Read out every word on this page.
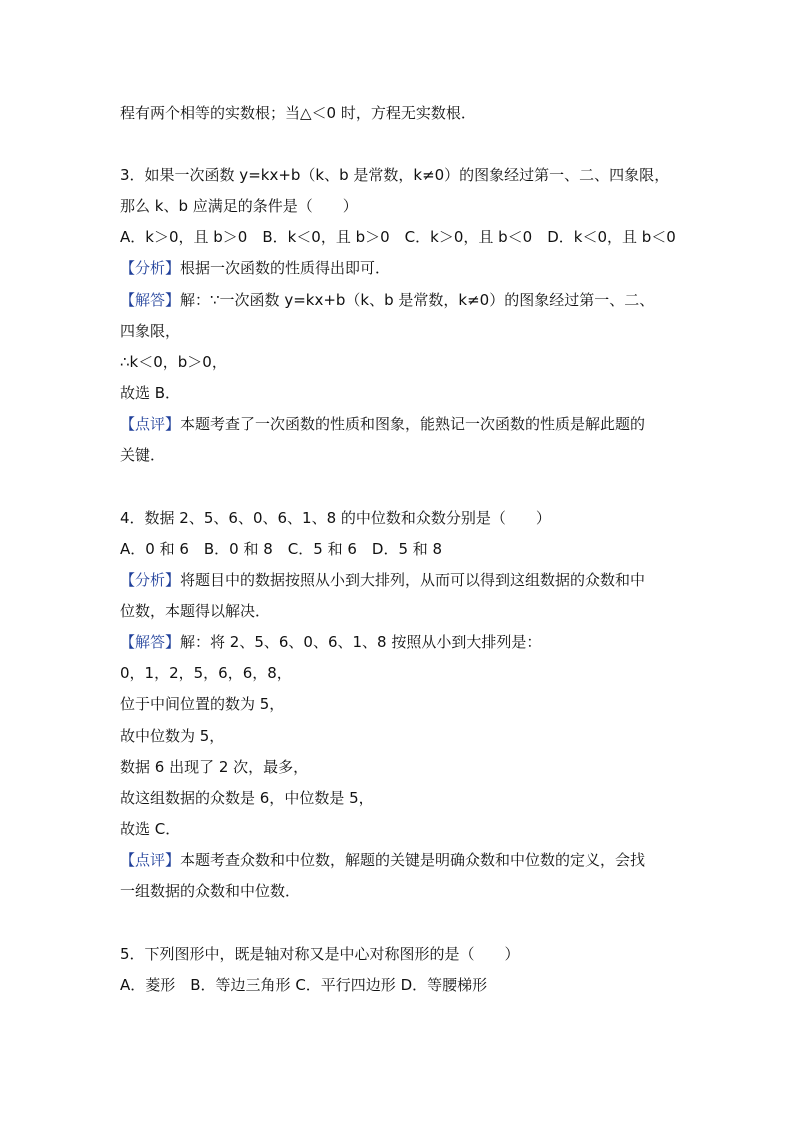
程有两个相等的实数根；当△＜0 时，方程无实数根．
3．如果一次函数 y=kx+b（k、b 是常数，k≠0）的图象经过第一、二、四象限，
那么 k、b 应满足的条件是（　　）
A．k＞0，且 b＞0　B．k＜0，且 b＞0　C．k＞0，且 b＜0　D．k＜0，且 b＜0
【分析】根据一次函数的性质得出即可．
【解答】解：∵一次函数 y=kx+b（k、b 是常数，k≠0）的图象经过第一、二、
四象限，
∴k＜0，b＞0，
故选 B．
【点评】本题考查了一次函数的性质和图象，能熟记一次函数的性质是解此题的
关键．
4．数据 2、5、6、0、6、1、8 的中位数和众数分别是（　　）
A．0 和 6　B．0 和 8　C．5 和 6　D．5 和 8
【分析】将题目中的数据按照从小到大排列，从而可以得到这组数据的众数和中
位数，本题得以解决．
【解答】解：将 2、5、6、0、6、1、8 按照从小到大排列是：
0，1，2，5，6，6，8，
位于中间位置的数为 5，
故中位数为 5，
数据 6 出现了 2 次，最多，
故这组数据的众数是 6，中位数是 5，
故选 C．
【点评】本题考查众数和中位数，解题的关键是明确众数和中位数的定义，会找
一组数据的众数和中位数．
5．下列图形中，既是轴对称又是中心对称图形的是（　　）
A．菱形　B．等边三角形 C．平行四边形 D．等腰梯形
